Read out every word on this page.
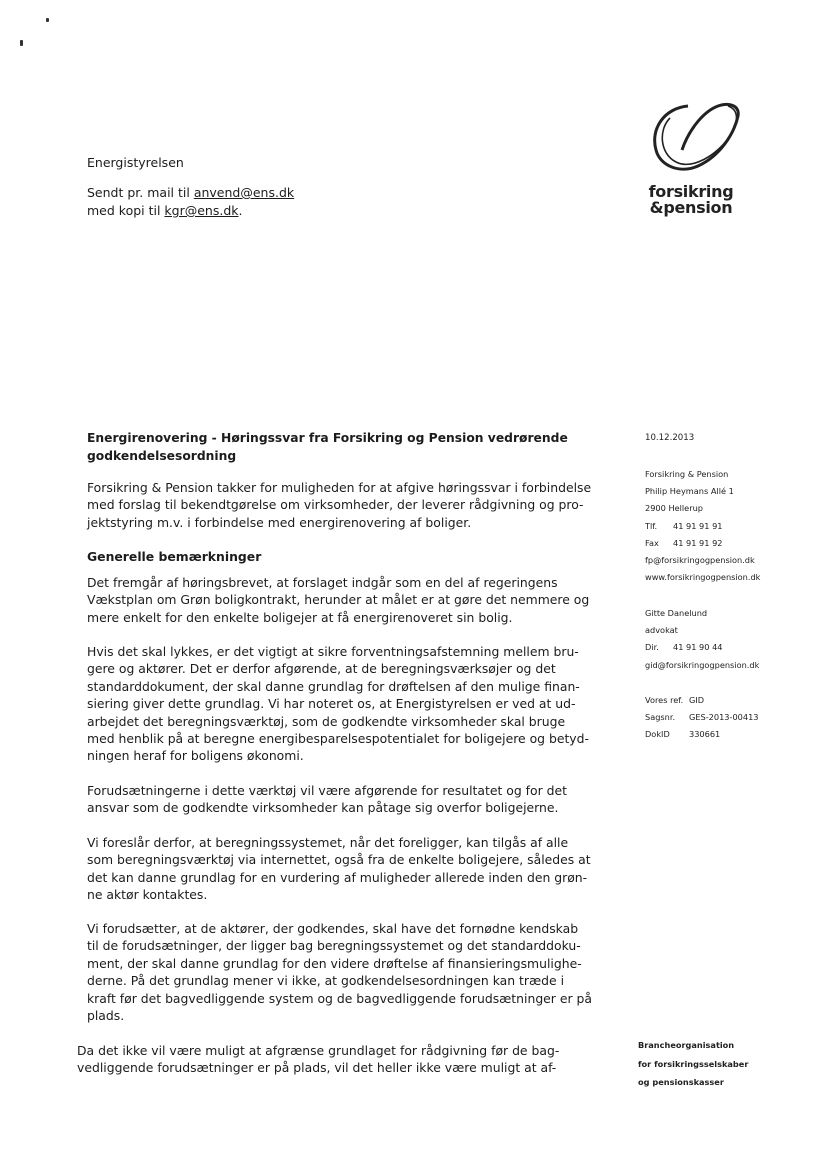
Energistyrelsen
Sendt pr. mail til anvend@ens.dk
med kopi til kgr@ens.dk.
forsikring
&pension
Energirenovering - Høringssvar fra Forsikring og Pension vedrørende
godkendelsesordning
Forsikring & Pension takker for muligheden for at afgive høringssvar i forbindelse
med forslag til bekendtgørelse om virksomheder, der leverer rådgivning og pro-
jektstyring m.v. i forbindelse med energirenovering af boliger.
Generelle bemærkninger
Det fremgår af høringsbrevet, at forslaget indgår som en del af regeringens
Vækstplan om Grøn boligkontrakt, herunder at målet er at gøre det nemmere og
mere enkelt for den enkelte boligejer at få energirenoveret sin bolig.
Hvis det skal lykkes, er det vigtigt at sikre forventningsafstemning mellem bru-
gere og aktører. Det er derfor afgørende, at de beregningsværksøjer og det
standarddokument, der skal danne grundlag for drøftelsen af den mulige finan-
siering giver dette grundlag. Vi har noteret os, at Energistyrelsen er ved at ud-
arbejdet det beregningsværktøj, som de godkendte virksomheder skal bruge
med henblik på at beregne energibesparelsespotentialet for boligejere og betyd-
ningen heraf for boligens økonomi.
Forudsætningerne i dette værktøj vil være afgørende for resultatet og for det
ansvar som de godkendte virksomheder kan påtage sig overfor boligejerne.
Vi foreslår derfor, at beregningssystemet, når det foreligger, kan tilgås af alle
som beregningsværktøj via internettet, også fra de enkelte boligejere, således at
det kan danne grundlag for en vurdering af muligheder allerede inden den grøn-
ne aktør kontaktes.
Vi forudsætter, at de aktører, der godkendes, skal have det fornødne kendskab
til de forudsætninger, der ligger bag beregningssystemet og det standarddoku-
ment, der skal danne grundlag for den videre drøftelse af finansieringsmulighe-
derne. På det grundlag mener vi ikke, at godkendelsesordningen kan træde i
kraft før det bagvedliggende system og de bagvedliggende forudsætninger er på
plads.
Da det ikke vil være muligt at afgrænse grundlaget for rådgivning før de bag-
vedliggende forudsætninger er på plads, vil det heller ikke være muligt at af-
10.12.2013
Forsikring & Pension
Philip Heymans Allé 1
2900 Hellerup
Tlf. 41 91 91 91
Fax 41 91 91 92
fp@forsikringogpension.dk
www.forsikringogpension.dk
Gitte Danelund
advokat
Dir. 41 91 90 44
gid@forsikringogpension.dk
Vores ref. GID
Sagsnr. GES-2013-00413
DokID 330661
Brancheorganisation
for forsikringsselskaber
og pensionskasser
